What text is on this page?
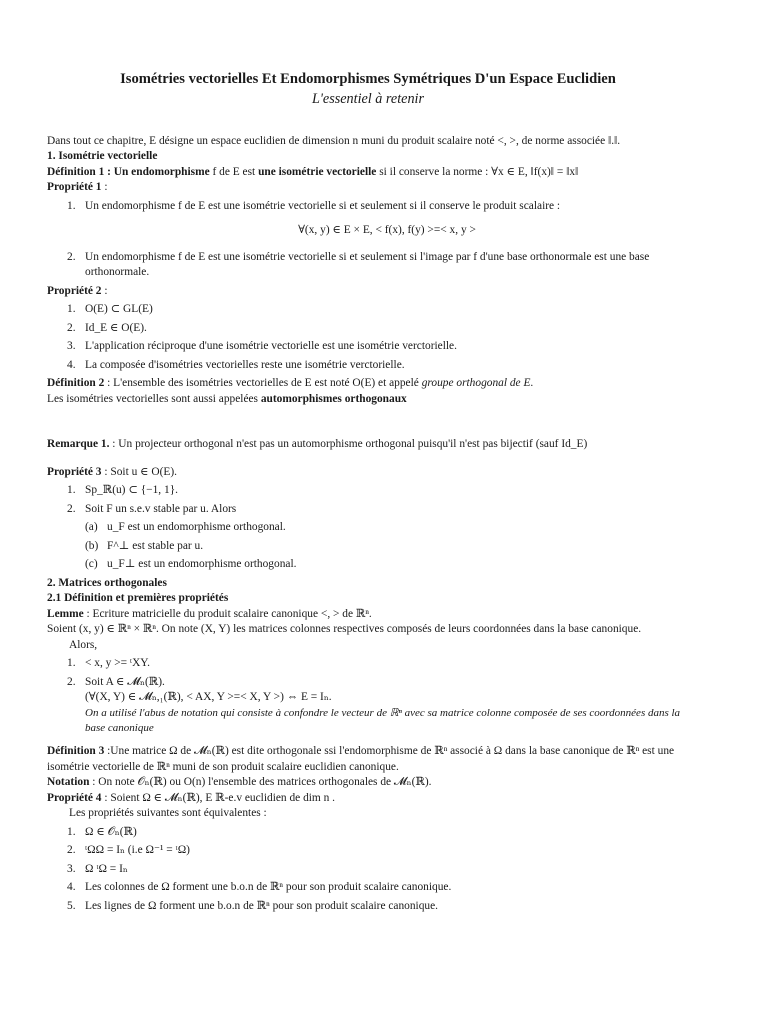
Isométries vectorielles Et Endomorphismes Symétriques D'un Espace Euclidien
L'essentiel à retenir

Dans tout ce chapitre, E désigne un espace euclidien de dimension n muni du produit scalaire noté <, >, de norme associée ‖.‖.

1. Isométrie vectorielle

Définition 1 : Un endomorphisme f de E est une isométrie vectorielle si il conserve la norme : ∀x ∈ E, ‖f(x)‖ = ‖x‖

Propriété 1 :
1. Un endomorphisme f de E est une isométrie vectorielle si et seulement si il conserve le produit scalaire :
∀(x, y) ∈ E × E, < f(x), f(y) >=< x, y >
2. Un endomorphisme f de E est une isométrie vectorielle si et seulement si l'image par f d'une base orthonormale est une base orthonormale.
Propriété 2 :
1. O(E) ⊂ GL(E)
2. Id_E ∈ O(E).
3. L'application réciproque d'une isométrie vectorielle est une isométrie verctorielle.
4. La composée d'isométries vectorielles reste une isométrie verctorielle.

Définition 2 : L'ensemble des isométries vectorielles de E est noté O(E) et appelé groupe orthogonal de E.

Les isométries vectorielles sont aussi appelées automorphismes orthogonaux

Remarque 1. : Un projecteur orthogonal n'est pas un automorphisme orthogonal puisqu'il n'est pas bijectif (sauf Id_E)

Propriété 3 : Soit u ∈ O(E).
1. Sp_ℝ(u) ⊂ {−1, 1}.
2. Soit F un s.e.v stable par u. Alors
(a) u_F est un endomorphisme orthogonal.
(b) F^⊥ est stable par u.
(c) u_F⊥ est un endomorphisme orthogonal.
2. Matrices orthogonales
2.1 Définition et premières propriétés

Lemme : Ecriture matricielle du produit scalaire canonique <, > de ℝⁿ.

Soient (x, y) ∈ ℝⁿ × ℝⁿ. On note (X, Y) les matrices colonnes respectives composés de leurs coordonnées dans la base canonique.

Alors,

1. < x, y >= ᵗXY.
2. Soit A ∈ 𝓜ₙ(ℝ).
(∀(X, Y) ∈ 𝓜ₙ,₁(ℝ), < AX, Y >=< X, Y >) ⇔ E = Iₙ.
On a utilisé l'abus de notation qui consiste à confondre le vecteur de ℝⁿ avec sa matrice colonne composée de ses coordonnées dans la base canonique

Définition 3 :Une matrice Ω de 𝓜ₙ(ℝ) est dite orthogonale ssi l'endomorphisme de ℝⁿ associé à Ω dans la base canonique de ℝⁿ est une isométrie vectorielle de ℝⁿ muni de son produit scalaire euclidien canonique.

Notation : On note 𝒪ₙ(ℝ) ou O(n) l'ensemble des matrices orthogonales de 𝓜ₙ(ℝ).

Propriété 4 : Soient Ω ∈ 𝓜ₙ(ℝ), E ℝ-e.v euclidien de dim n .

Les propriétés suivantes sont équivalentes :

1. Ω ∈ 𝒪ₙ(ℝ)
2. ᵗΩΩ = Iₙ (i.e Ω⁻¹ = ᵗΩ)
3. Ω ᵗΩ = Iₙ
4. Les colonnes de Ω forment une b.o.n de ℝⁿ pour son produit scalaire canonique.
5. Les lignes de Ω forment une b.o.n de ℝⁿ pour son produit scalaire canonique.
